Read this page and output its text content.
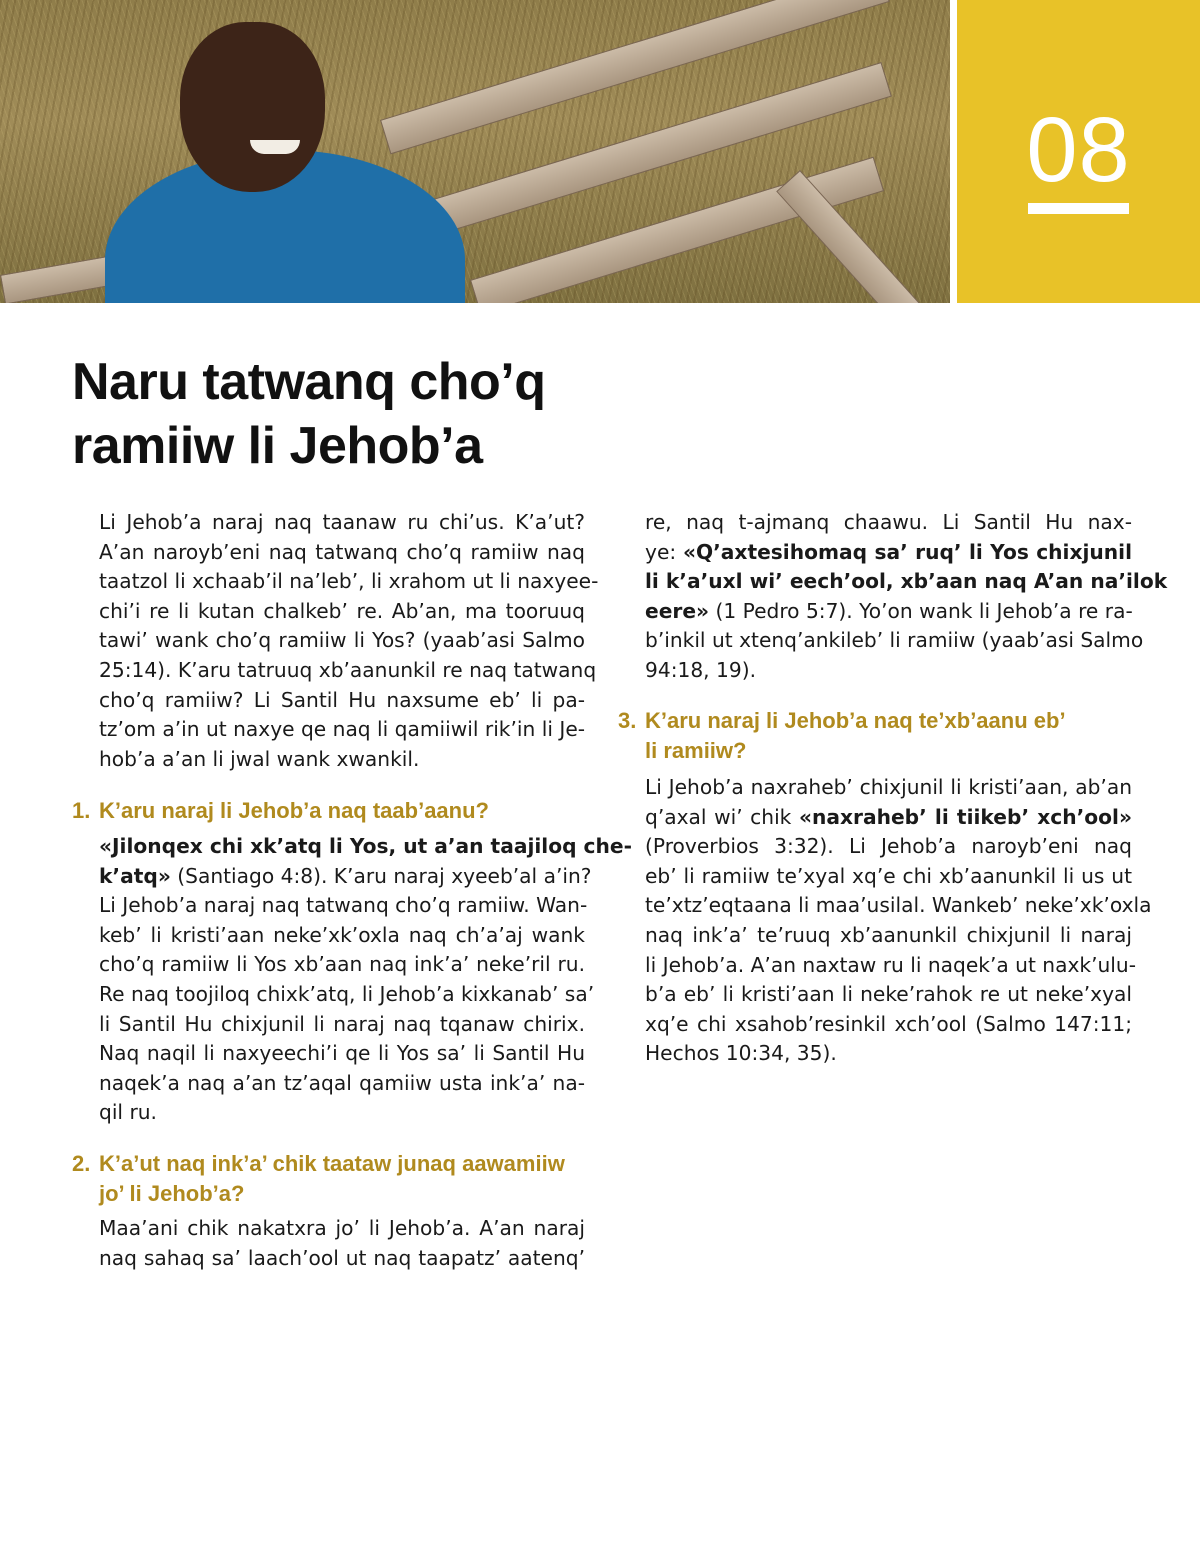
08
Naru tatwanq cho’q
ramiiw li Jehob’a
Li Jehob’a naraj naq taanaw ru chi’us. K’a’ut?
A’an naroyb’eni naq tatwanq cho’q ramiiw naq
taatzol li xchaab’il na’leb’, li xrahom ut li naxyee-
chi’i re li kutan chalkeb’ re. Ab’an, ma tooruuq
tawi’ wank cho’q ramiiw li Yos? (yaab’asi Salmo
25:14). K’aru tatruuq xb’aanunkil re naq tatwanq
cho’q ramiiw? Li Santil Hu naxsume eb’ li pa-
tz’om a’in ut naxye qe naq li qamiiwil rik’in li Je-
hob’a a’an li jwal wank xwankil.
1. K’aru naraj li Jehob’a naq taab’aanu?
«Jilonqex chi xk’atq li Yos, ut a’an taajiloq che-
k’atq» (Santiago 4:8). K’aru naraj xyeeb’al a’in?
Li Jehob’a naraj naq tatwanq cho’q ramiiw. Wan-
keb’ li kristi’aan neke’xk’oxla naq ch’a’aj wank
cho’q ramiiw li Yos xb’aan naq ink’a’ neke’ril ru.
Re naq toojiloq chixk’atq, li Jehob’a kixkanab’ sa’
li Santil Hu chixjunil li naraj naq tqanaw chirix.
Naq naqil li naxyeechi’i qe li Yos sa’ li Santil Hu
naqek’a naq a’an tz’aqal qamiiw usta ink’a’ na-
qil ru.
2. K’a’ut naq ink’a’ chik taataw junaq aawamiiw
jo’ li Jehob’a?
Maa’ani chik nakatxra jo’ li Jehob’a. A’an naraj
naq sahaq sa’ laach’ool ut naq taapatz’ aatenq’
re, naq t-ajmanq chaawu. Li Santil Hu nax-
ye: «Q’axtesihomaq sa’ ruq’ li Yos chixjunil
li k’a’uxl wi’ eech’ool, xb’aan naq A’an na’ilok
eere» (1 Pedro 5:7). Yo’on wank li Jehob’a re ra-
b’inkil ut xtenq’ankileb’ li ramiiw (yaab’asi Salmo
94:18, 19).
3. K’aru naraj li Jehob’a naq te’xb’aanu eb’
li ramiiw?
Li Jehob’a naxraheb’ chixjunil li kristi’aan, ab’an
q’axal wi’ chik «naxraheb’ li tiikeb’ xch’ool»
(Proverbios 3:32). Li Jehob’a naroyb’eni naq
eb’ li ramiiw te’xyal xq’e chi xb’aanunkil li us ut
te’xtz’eqtaana li maa’usilal. Wankeb’ neke’xk’oxla
naq ink’a’ te’ruuq xb’aanunkil chixjunil li naraj
li Jehob’a. A’an naxtaw ru li naqek’a ut naxk’ulu-
b’a eb’ li kristi’aan li neke’rahok re ut neke’xyal
xq’e chi xsahob’resinkil xch’ool (Salmo 147:11;
Hechos 10:34, 35).
